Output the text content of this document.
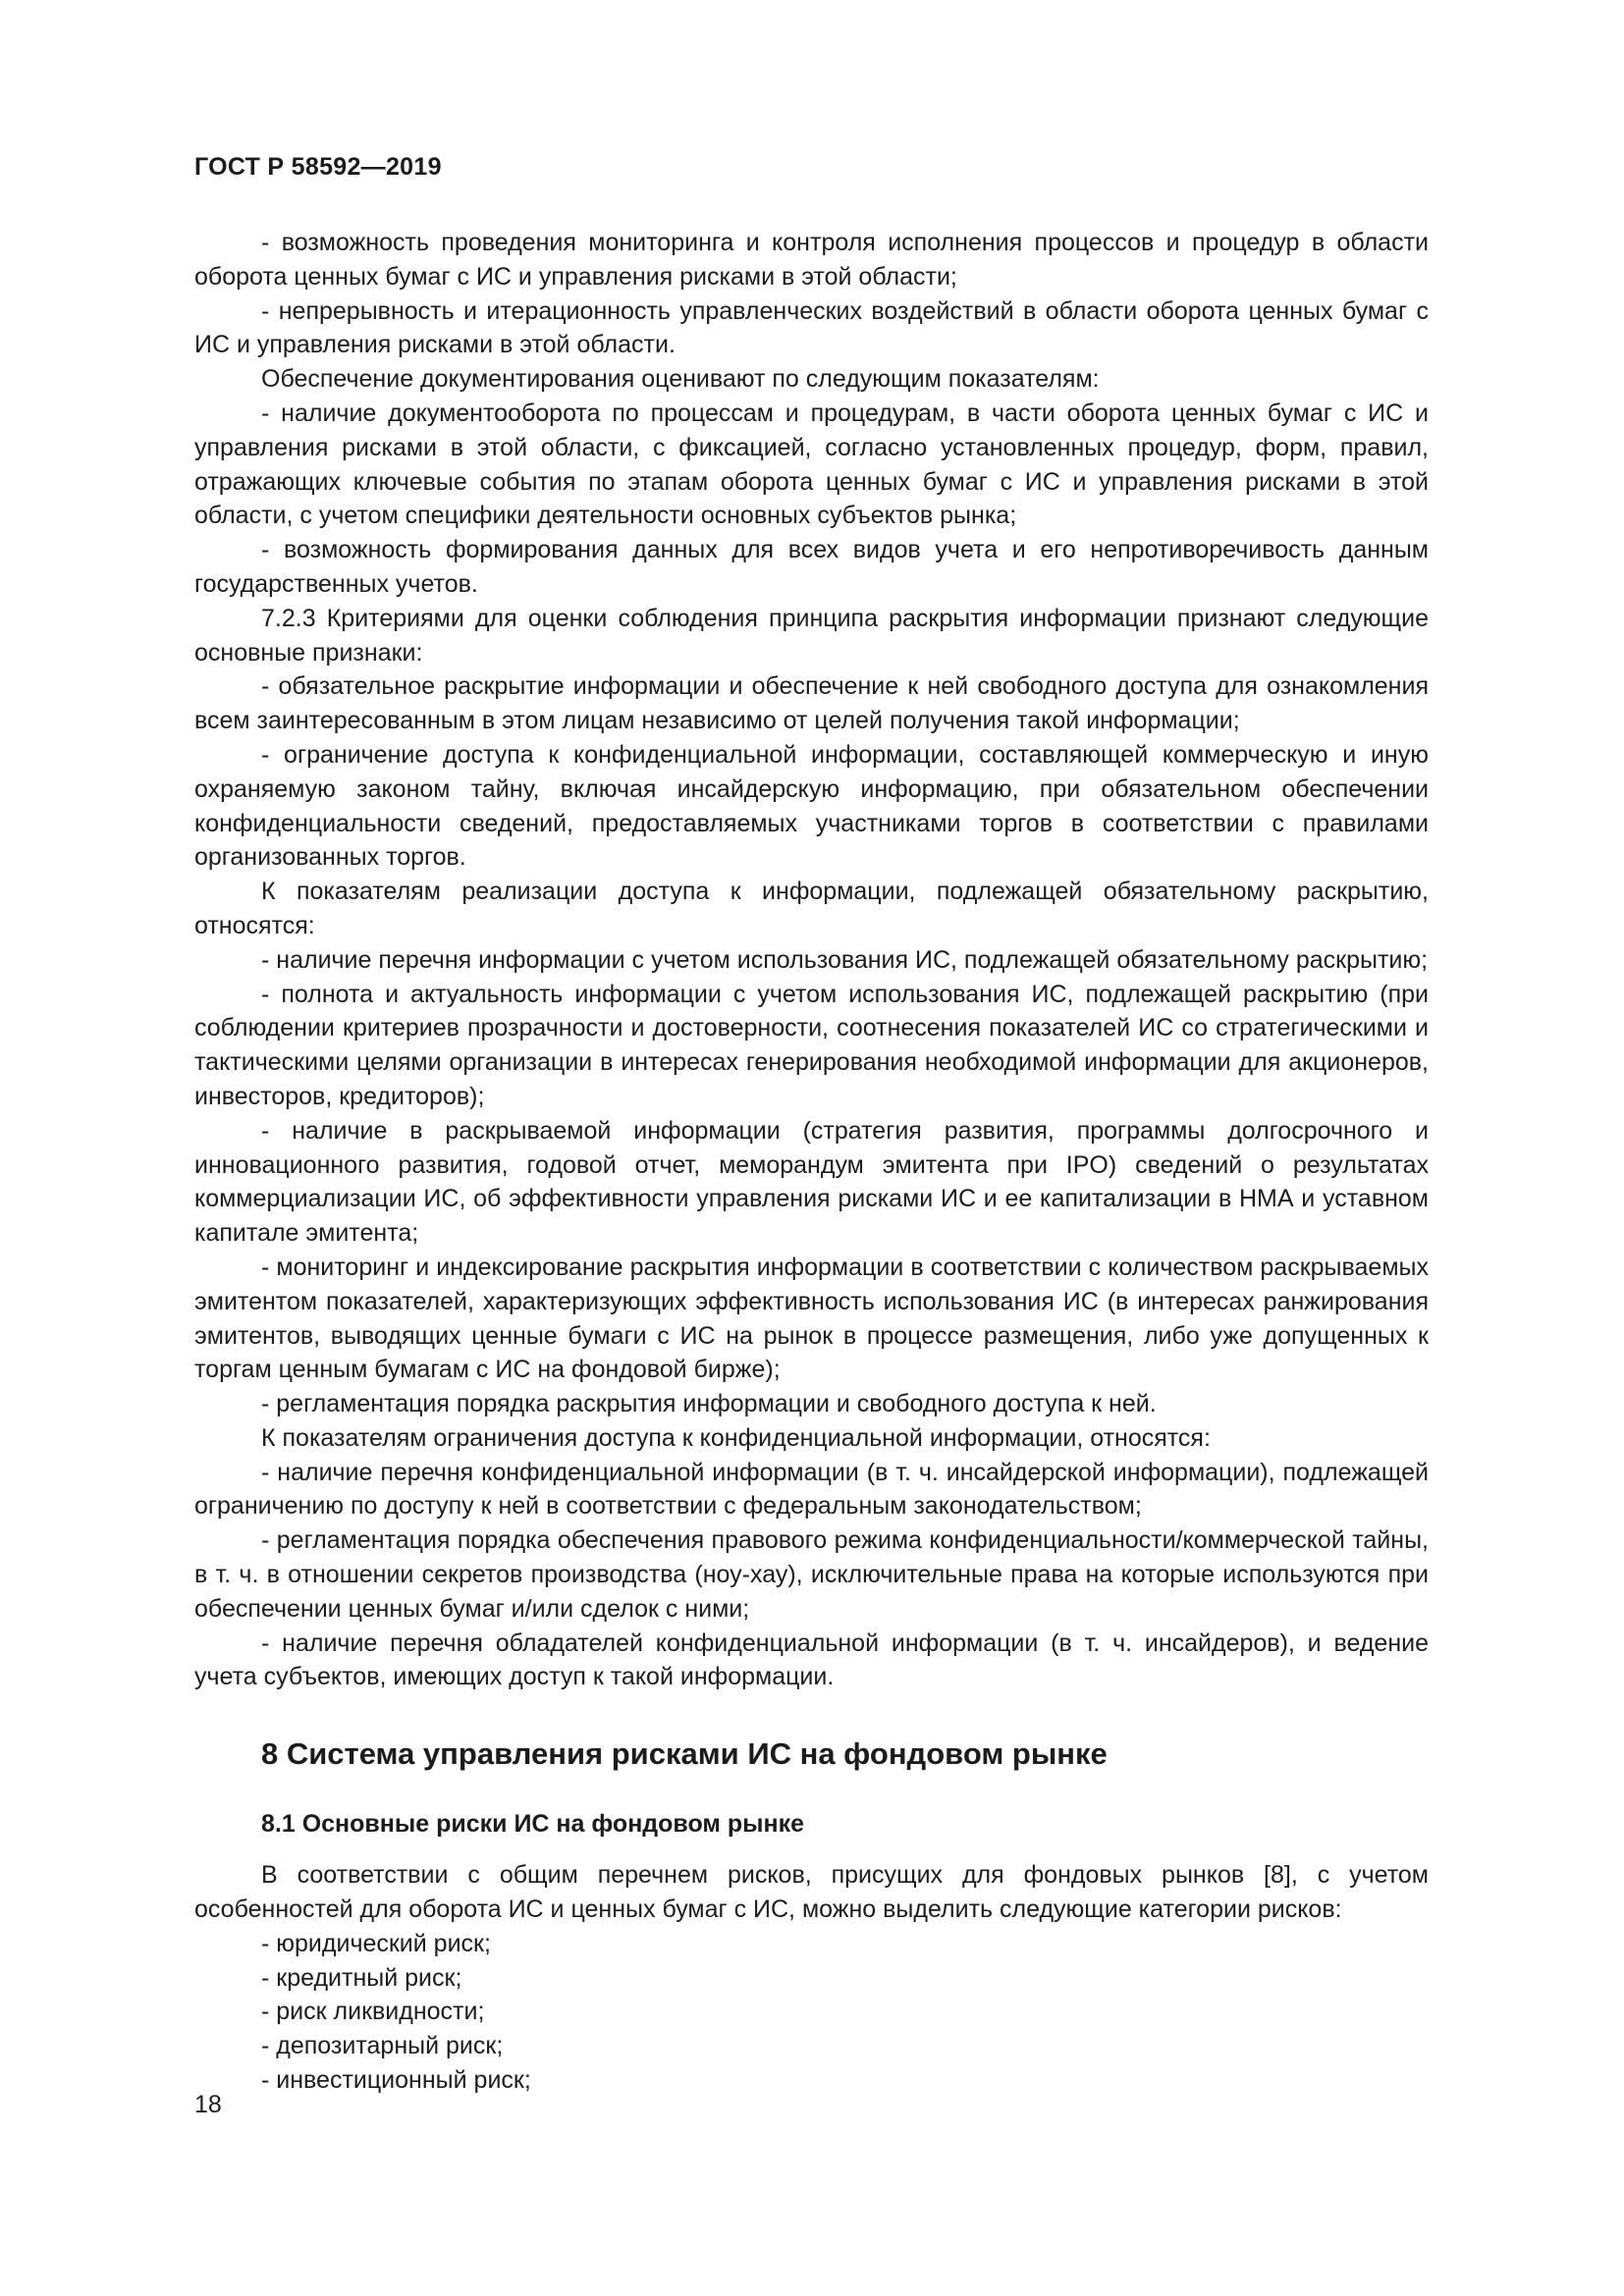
ГОСТ Р 58592—2019

- возможность проведения мониторинга и контроля исполнения процессов и процедур в области оборота ценных бумаг с ИС и управления рисками в этой области;

- непрерывность и итерационность управленческих воздействий в области оборота ценных бумаг с ИС и управления рисками в этой области.

Обеспечение документирования оценивают по следующим показателям:

- наличие документооборота по процессам и процедурам, в части оборота ценных бумаг с ИС и управления рисками в этой области, с фиксацией, согласно установленных процедур, форм, правил, отражающих ключевые события по этапам оборота ценных бумаг с ИС и управления рисками в этой области, с учетом специфики деятельности основных субъектов рынка;

- возможность формирования данных для всех видов учета и его непротиворечивость данным государственных учетов.

7.2.3 Критериями для оценки соблюдения принципа раскрытия информации признают следующие основные признаки:

- обязательное раскрытие информации и обеспечение к ней свободного доступа для ознакомления всем заинтересованным в этом лицам независимо от целей получения такой информации;

- ограничение доступа к конфиденциальной информации, составляющей коммерческую и иную охраняемую законом тайну, включая инсайдерскую информацию, при обязательном обеспечении конфиденциальности сведений, предоставляемых участниками торгов в соответствии с правилами организованных торгов.

К показателям реализации доступа к информации, подлежащей обязательному раскрытию, относятся:

- наличие перечня информации с учетом использования ИС, подлежащей обязательному раскрытию;

- полнота и актуальность информации с учетом использования ИС, подлежащей раскрытию (при соблюдении критериев прозрачности и достоверности, соотнесения показателей ИС со стратегическими и тактическими целями организации в интересах генерирования необходимой информации для акционеров, инвесторов, кредиторов);

- наличие в раскрываемой информации (стратегия развития, программы долгосрочного и инновационного развития, годовой отчет, меморандум эмитента при IPO) сведений о результатах коммерциализации ИС, об эффективности управления рисками ИС и ее капитализации в НМА и уставном капитале эмитента;

- мониторинг и индексирование раскрытия информации в соответствии с количеством раскрываемых эмитентом показателей, характеризующих эффективность использования ИС (в интересах ранжирования эмитентов, выводящих ценные бумаги с ИС на рынок в процессе размещения, либо уже допущенных к торгам ценным бумагам с ИС на фондовой бирже);

- регламентация порядка раскрытия информации и свободного доступа к ней.

К показателям ограничения доступа к конфиденциальной информации, относятся:

- наличие перечня конфиденциальной информации (в т. ч. инсайдерской информации), подлежащей ограничению по доступу к ней в соответствии с федеральным законодательством;

- регламентация порядка обеспечения правового режима конфиденциальности/коммерческой тайны, в т. ч. в отношении секретов производства (ноу-хау), исключительные права на которые используются при обеспечении ценных бумаг и/или сделок с ними;

- наличие перечня обладателей конфиденциальной информации (в т. ч. инсайдеров), и ведение учета субъектов, имеющих доступ к такой информации.

8 Система управления рисками ИС на фондовом рынке
8.1 Основные риски ИС на фондовом рынке

В соответствии с общим перечнем рисков, присущих для фондовых рынков [8], с учетом особенностей для оборота ИС и ценных бумаг с ИС, можно выделить следующие категории рисков:

- юридический риск;

- кредитный риск;

- риск ликвидности;

- депозитарный риск;

- инвестиционный риск;

18
